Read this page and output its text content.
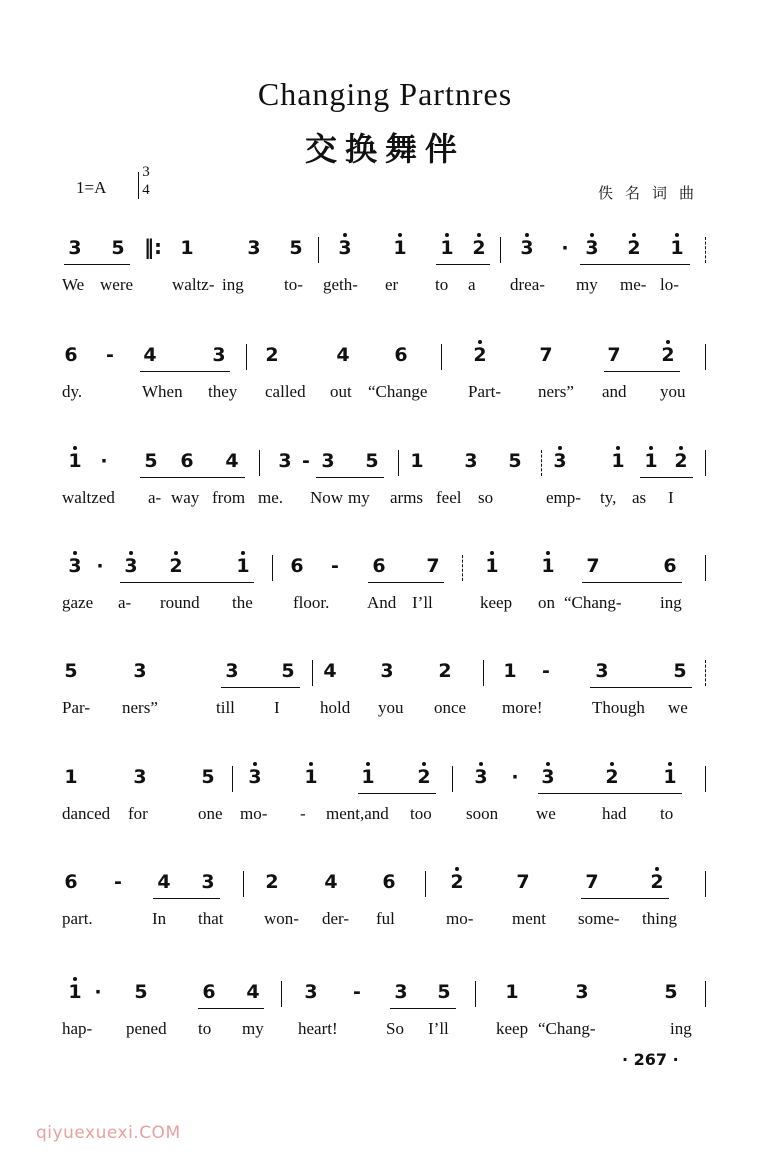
Changing Partnres
交换舞伴
1=A
3
4	佚名词曲
3 5	1	3 5 3 1 1 2 3	· 3 2 1
‖:
We were waltz- ing to- geth- er to a drea- my me- lo-
6	-	4	3 2	4 6	2	7	7 2
dy.	When they called out “Change Part- ners” and you
1 ·	5 6 4 3 - 3 5 1 3 5 3 1 1 2
waltzed a- way from me. Now my arms feel so	emp- ty, as I
3 ·	3 2	1 6	-	6 7 1 1 7	6
gaze a- round the floor. And I’ll	keep on “Chang- ing
5	3	3 5 4 3 2	1	-	3	5
Par- ners”	till I hold you once more!	Though we
1	3	5 3 1 1 2 3	·	3	2 1
danced for	one mo- - ment,and too soon we	had to
6	-	4 3	2 4 6	2	7	7	2
part.	In that won- der- ful	mo- ment some- thing
1 ·	5	6 4 3	-	3 5	1	3	5
hap- pened to my heart!	So I’ll	keep “Chang-	ing
· 267 ·
qiyuexuexi.COM
